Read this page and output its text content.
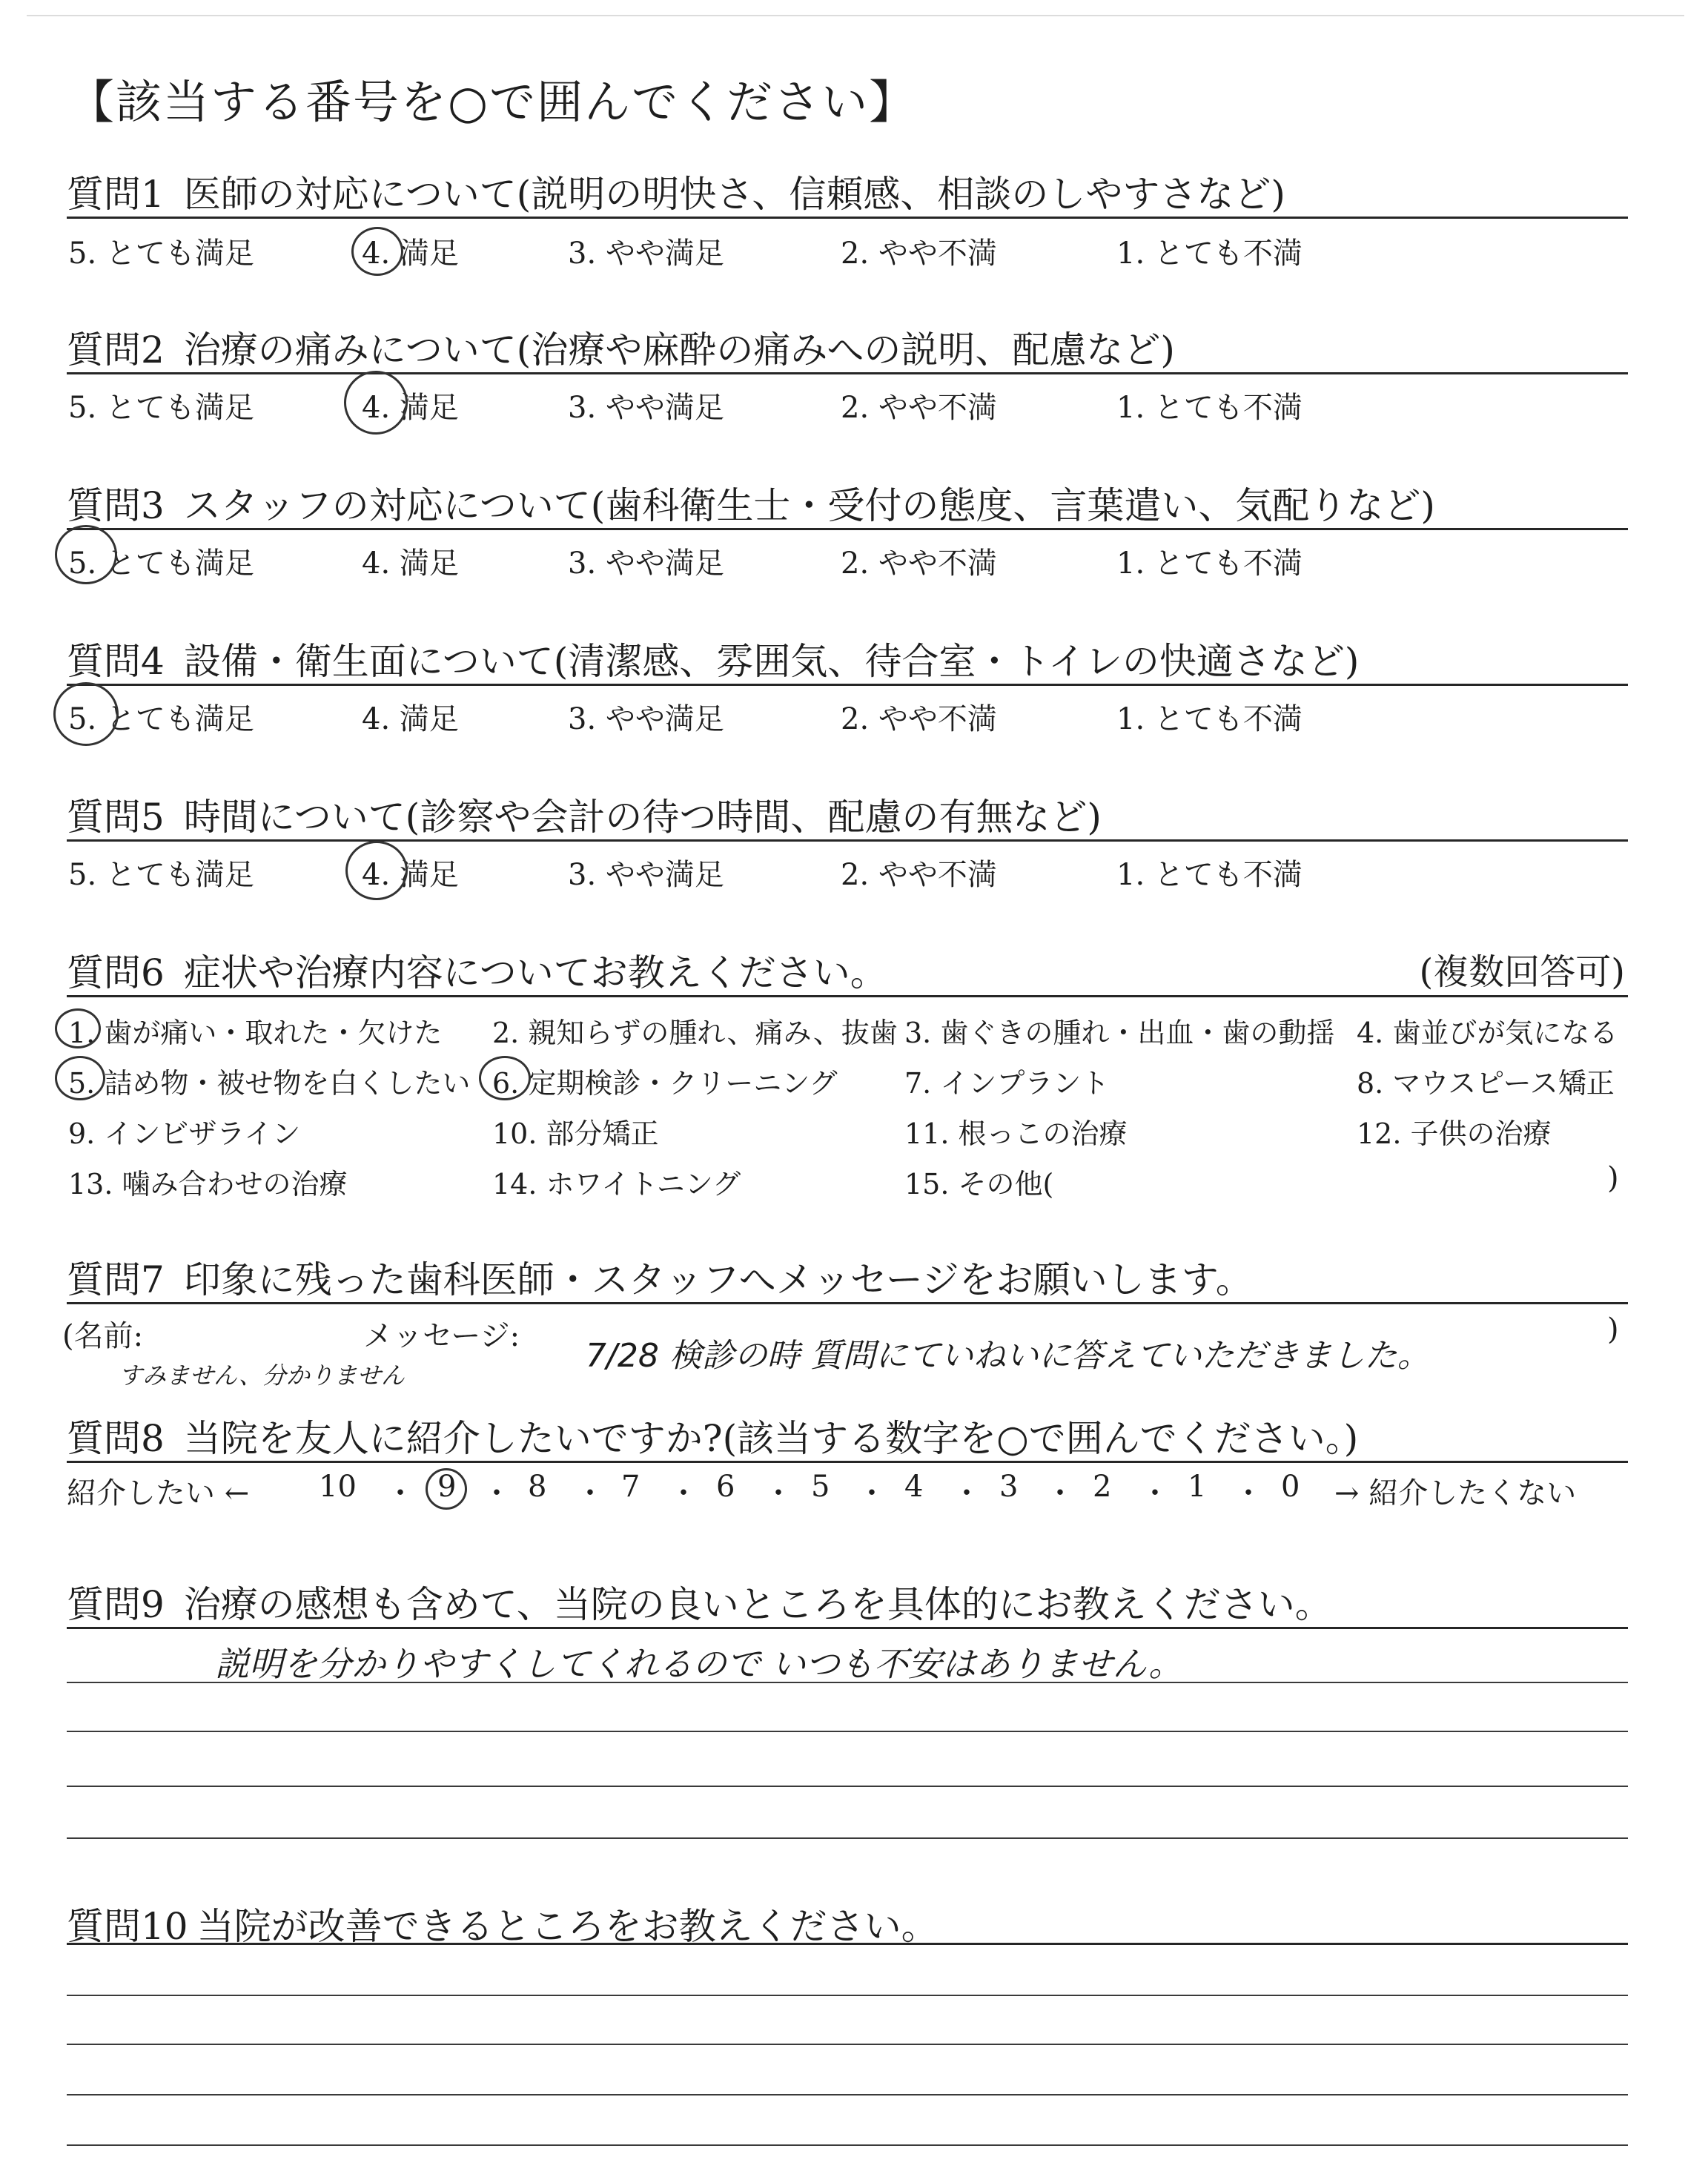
【該当する番号を○で囲んでください】
質問1 医師の対応について(説明の明快さ、信頼感、相談のしやすさなど)
5. とても満足	4. 満足	3. やや満足	2. やや不満	1. とても不満
質問2 治療の痛みについて(治療や麻酔の痛みへの説明、配慮など)
5. とても満足	4. 満足	3. やや満足	2. やや不満	1. とても不満
質問3 スタッフの対応について(歯科衛生士・受付の態度、言葉遣い、気配りなど)
5. とても満足	4. 満足	3. やや満足	2. やや不満	1. とても不満
質問4 設備・衛生面について(清潔感、雰囲気、待合室・トイレの快適さなど)
5. とても満足	4. 満足	3. やや満足	2. やや不満	1. とても不満
質問5 時間について(診察や会計の待つ時間、配慮の有無など)
5. とても満足	4. 満足	3. やや満足	2. やや不満	1. とても不満
質問6 症状や治療内容についてお教えください。	(複数回答可)
1. 歯が痛い・取れた・欠けた 2. 親知らずの腫れ、痛み、抜歯 3. 歯ぐきの腫れ・出血・歯の動揺 4. 歯並びが気になる
5. 詰め物・被せ物を白くしたい 6. 定期検診・クリーニング 7. インプラント	8. マウスピース矯正
9. インビザライン	10. 部分矯正	11. 根っこの治療	12. 子供の治療
13. 噛み合わせの治療	14. ホワイトニング	15. その他(	)
質問7 印象に残った歯科医師・スタッフへメッセージをお願いします。
(名前:	メッセージ:	)
すみません、分かりません
7/28 検診の時 質問にていねいに答えていただきました。
質問8 当院を友人に紹介したいですか?(該当する数字を○で囲んでください。)
紹介したい ← 10 ・ 9 ・ 8 ・ 7 ・ 6 ・ 5 ・ 4 ・ 3 ・ 2 ・ 1 ・ 0 → 紹介したくない
質問9 治療の感想も含めて、当院の良いところを具体的にお教えください。
説明を分かりやすくしてくれるので いつも不安はありません。
質問10 当院が改善できるところをお教えください。
